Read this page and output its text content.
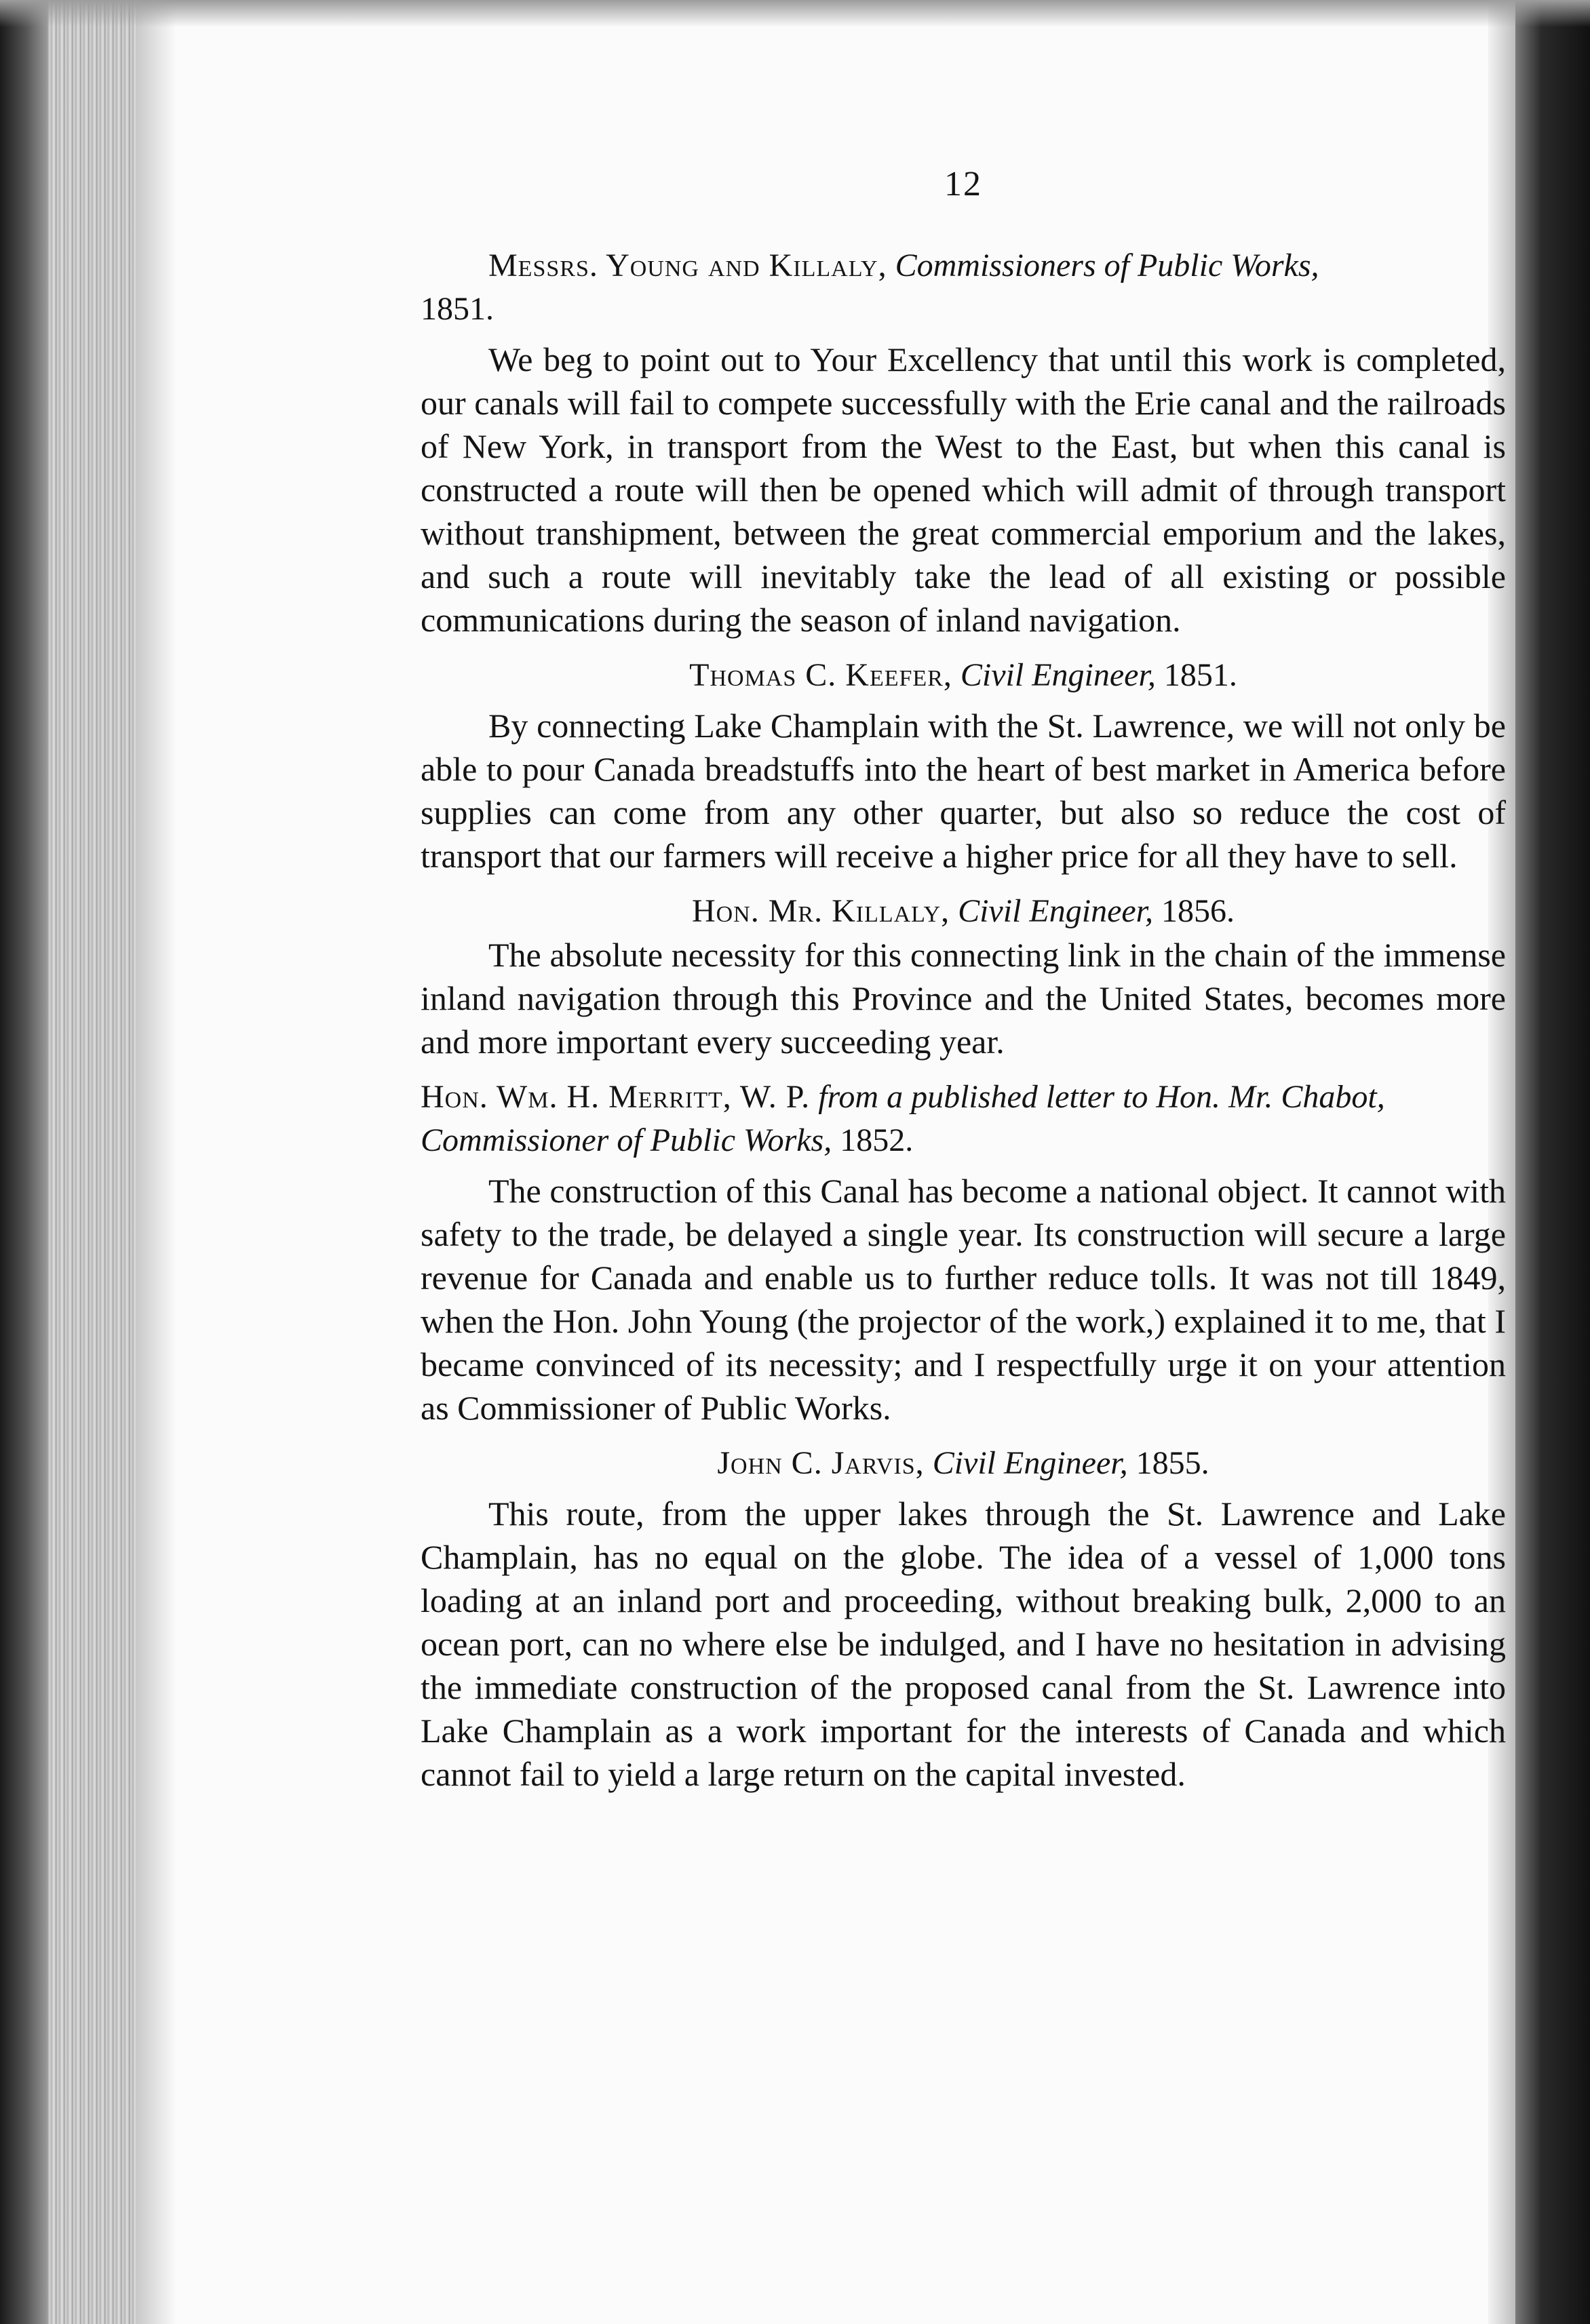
12

Messrs. Young and Killaly, Commissioners of Public Works,
1851.

We beg to point out to Your Excellency that until this work is completed, our canals will fail to compete successfully with the Erie canal and the railroads of New York, in transport from the West to the East, but when this canal is constructed a route will then be opened which will admit of through transport without transhipment, between the great commercial emporium and the lakes, and such a route will inevitably take the lead of all existing or possible communications during the season of inland navigation.

Thomas C. Keefer, Civil Engineer, 1851.

By connecting Lake Champlain with the St. Lawrence, we will not only be able to pour Canada breadstuffs into the heart of best market in America before supplies can come from any other quarter, but also so reduce the cost of transport that our farmers will receive a higher price for all they have to sell.

Hon. Mr. Killaly, Civil Engineer, 1856.

The absolute necessity for this connecting link in the chain of the immense inland navigation through this Province and the United States, becomes more and more important every succeeding year.

Hon. Wm. H. Merritt, W. P. from a published letter to Hon. Mr. Chabot, Commissioner of Public Works, 1852.

The construction of this Canal has become a national object. It cannot with safety to the trade, be delayed a single year. Its construction will secure a large revenue for Canada and enable us to further reduce tolls. It was not till 1849, when the Hon. John Young (the projector of the work,) explained it to me, that I became convinced of its necessity; and I respectfully urge it on your attention as Commissioner of Public Works.

John C. Jarvis, Civil Engineer, 1855.

This route, from the upper lakes through the St. Lawrence and Lake Champlain, has no equal on the globe. The idea of a vessel of 1,000 tons loading at an inland port and proceeding, without breaking bulk, 2,000 to an ocean port, can no where else be indulged, and I have no hesitation in advising the immediate construction of the proposed canal from the St. Lawrence into Lake Champlain as a work important for the interests of Canada and which cannot fail to yield a large return on the capital invested.
